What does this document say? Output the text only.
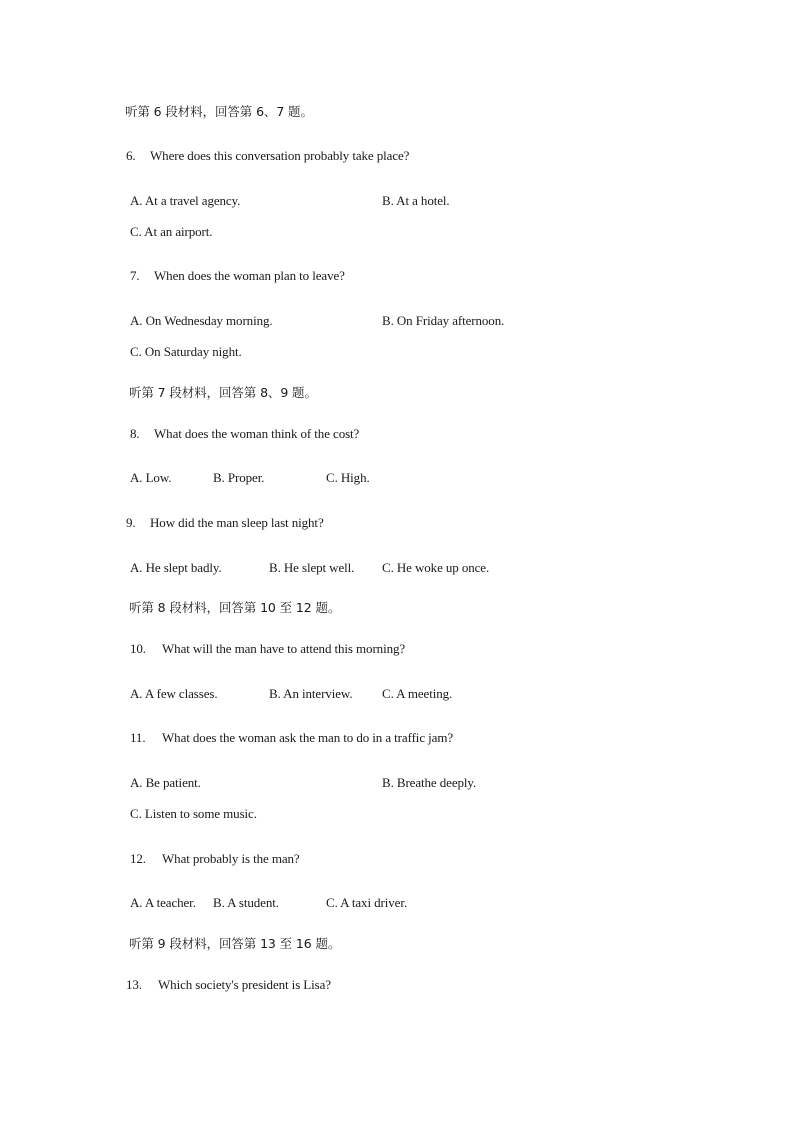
听第 6 段材料，回答第 6、7 题。
6. Where does this conversation probably take place?
A. At a travel agency.	B. At a hotel.
C. At an airport.
7. When does the woman plan to leave?
A. On Wednesday morning.	B. On Friday afternoon.
C. On Saturday night.
听第 7 段材料，回答第 8、9 题。
8. What does the woman think of the cost?
A. Low.	B. Proper.	C. High.
9. How did the man sleep last night?
A. He slept badly.	B. He slept well. C. He woke up once.
听第 8 段材料，回答第 10 至 12 题。
10. What will the man have to attend this morning?
A. A few classes.	B. An interview. C. A meeting.
11. What does the woman ask the man to do in a traffic jam?
A. Be patient.	B. Breathe deeply.
C. Listen to some music.
12. What probably is the man?
A. A teacher. B. A student.	C. A taxi driver.
听第 9 段材料，回答第 13 至 16 题。
13. Which society's president is Lisa?
